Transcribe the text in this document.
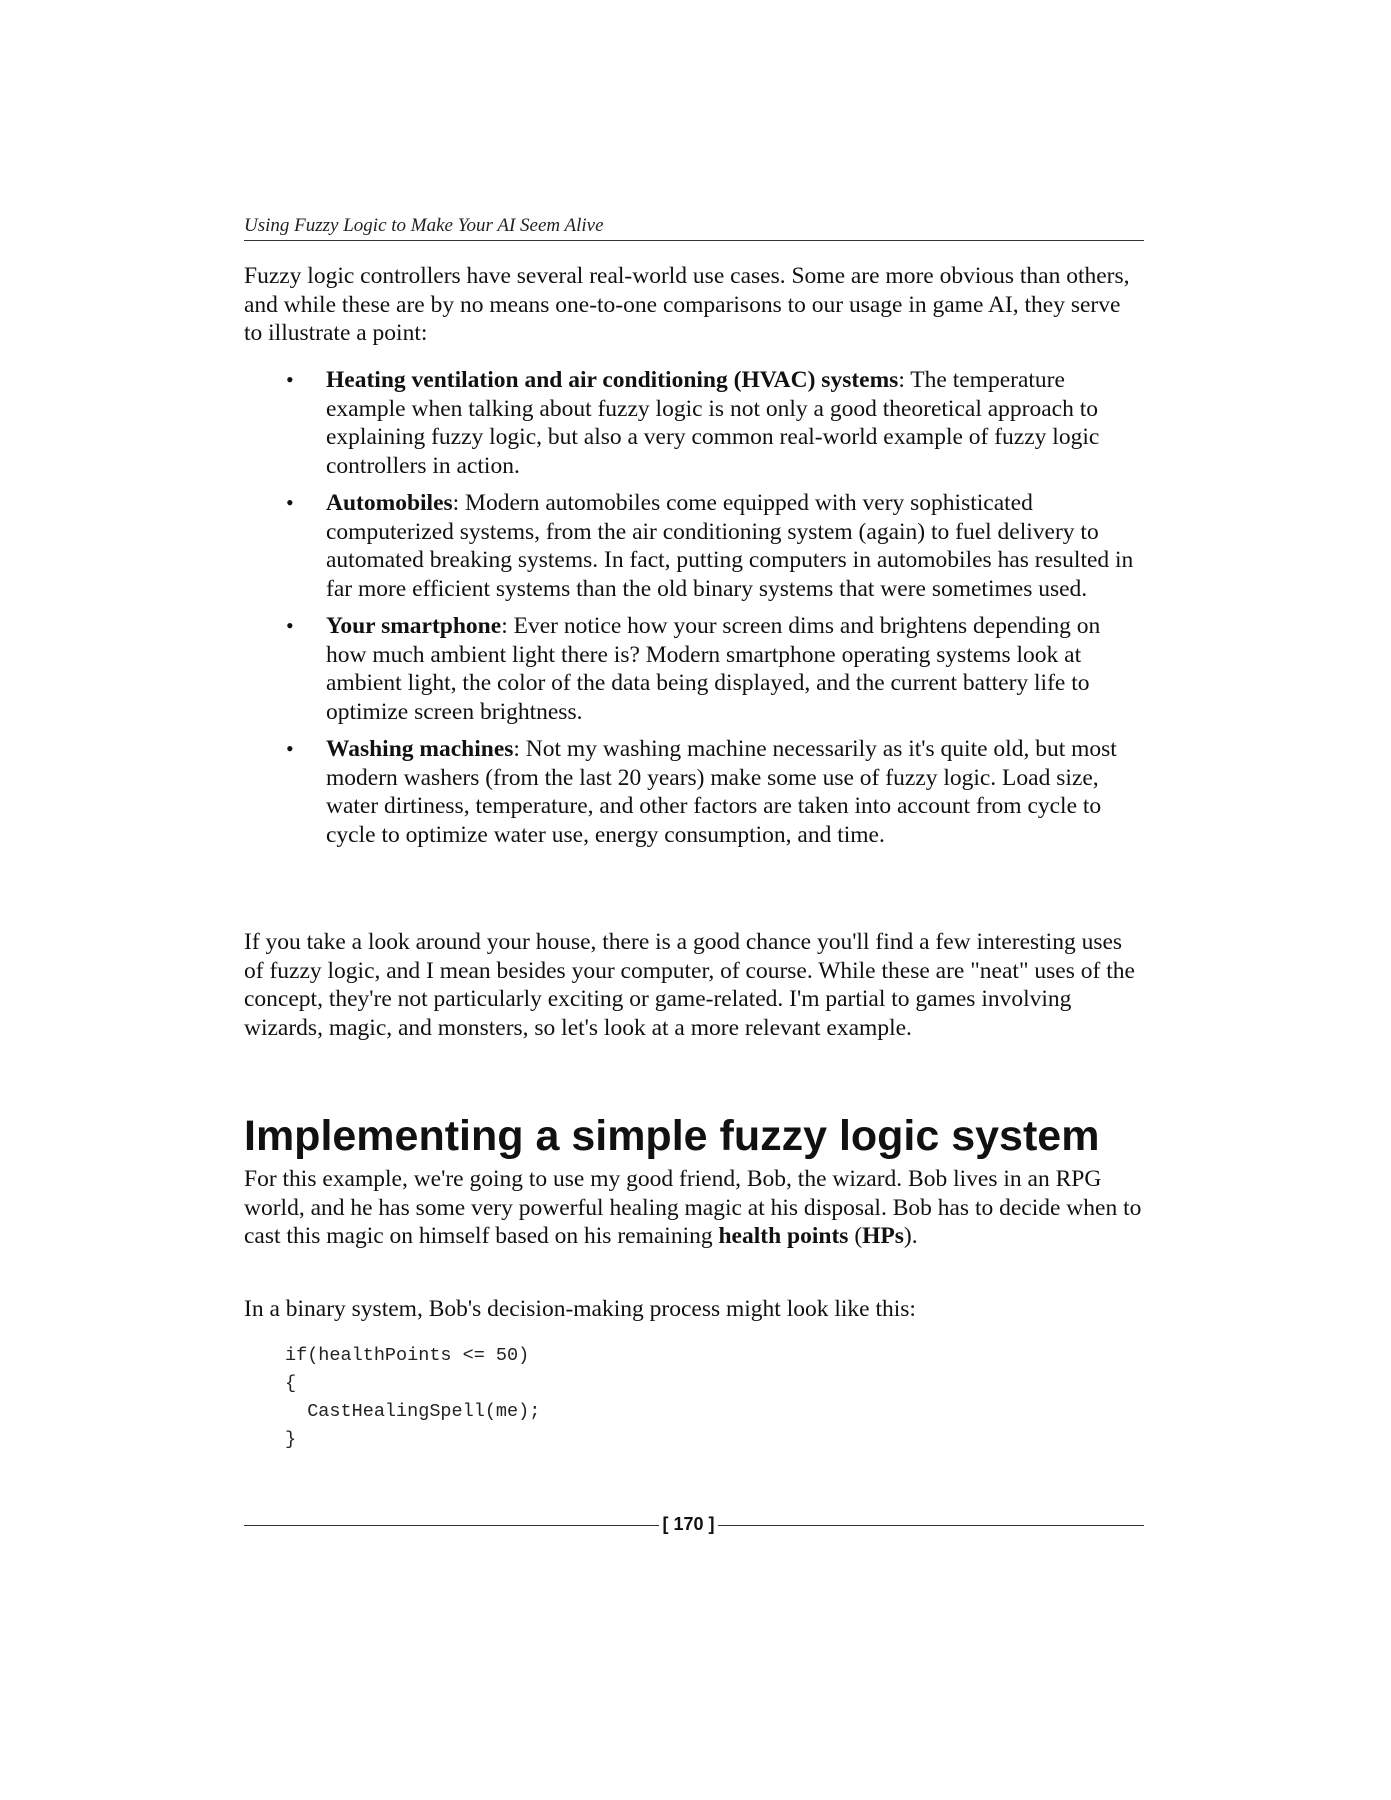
Using Fuzzy Logic to Make Your AI Seem Alive

Fuzzy logic controllers have several real-world use cases. Some are more obvious than others, and while these are by no means one-to-one comparisons to our usage in game AI, they serve to illustrate a point:

• Heating ventilation and air conditioning (HVAC) systems: The temperature example when talking about fuzzy logic is not only a good theoretical approach to explaining fuzzy logic, but also a very common real-world example of fuzzy logic controllers in action.
• Automobiles: Modern automobiles come equipped with very sophisticated computerized systems, from the air conditioning system (again) to fuel delivery to automated breaking systems. In fact, putting computers in automobiles has resulted in far more efficient systems than the old binary systems that were sometimes used.
• Your smartphone: Ever notice how your screen dims and brightens depending on how much ambient light there is? Modern smartphone operating systems look at ambient light, the color of the data being displayed, and the current battery life to optimize screen brightness.
• Washing machines: Not my washing machine necessarily as it's quite old, but most modern washers (from the last 20 years) make some use of fuzzy logic. Load size, water dirtiness, temperature, and other factors are taken into account from cycle to cycle to optimize water use, energy consumption, and time.

If you take a look around your house, there is a good chance you'll find a few interesting uses of fuzzy logic, and I mean besides your computer, of course. While these are "neat" uses of the concept, they're not particularly exciting or game-related. I'm partial to games involving wizards, magic, and monsters, so let's look at a more relevant example.

Implementing a simple fuzzy logic system

For this example, we're going to use my good friend, Bob, the wizard. Bob lives in an RPG world, and he has some very powerful healing magic at his disposal. Bob has to decide when to cast this magic on himself based on his remaining health points (HPs).

In a binary system, Bob's decision-making process might look like this:

if(healthPoints <= 50)
{
CastHealingSpell(me);
}
[ 170 ]
